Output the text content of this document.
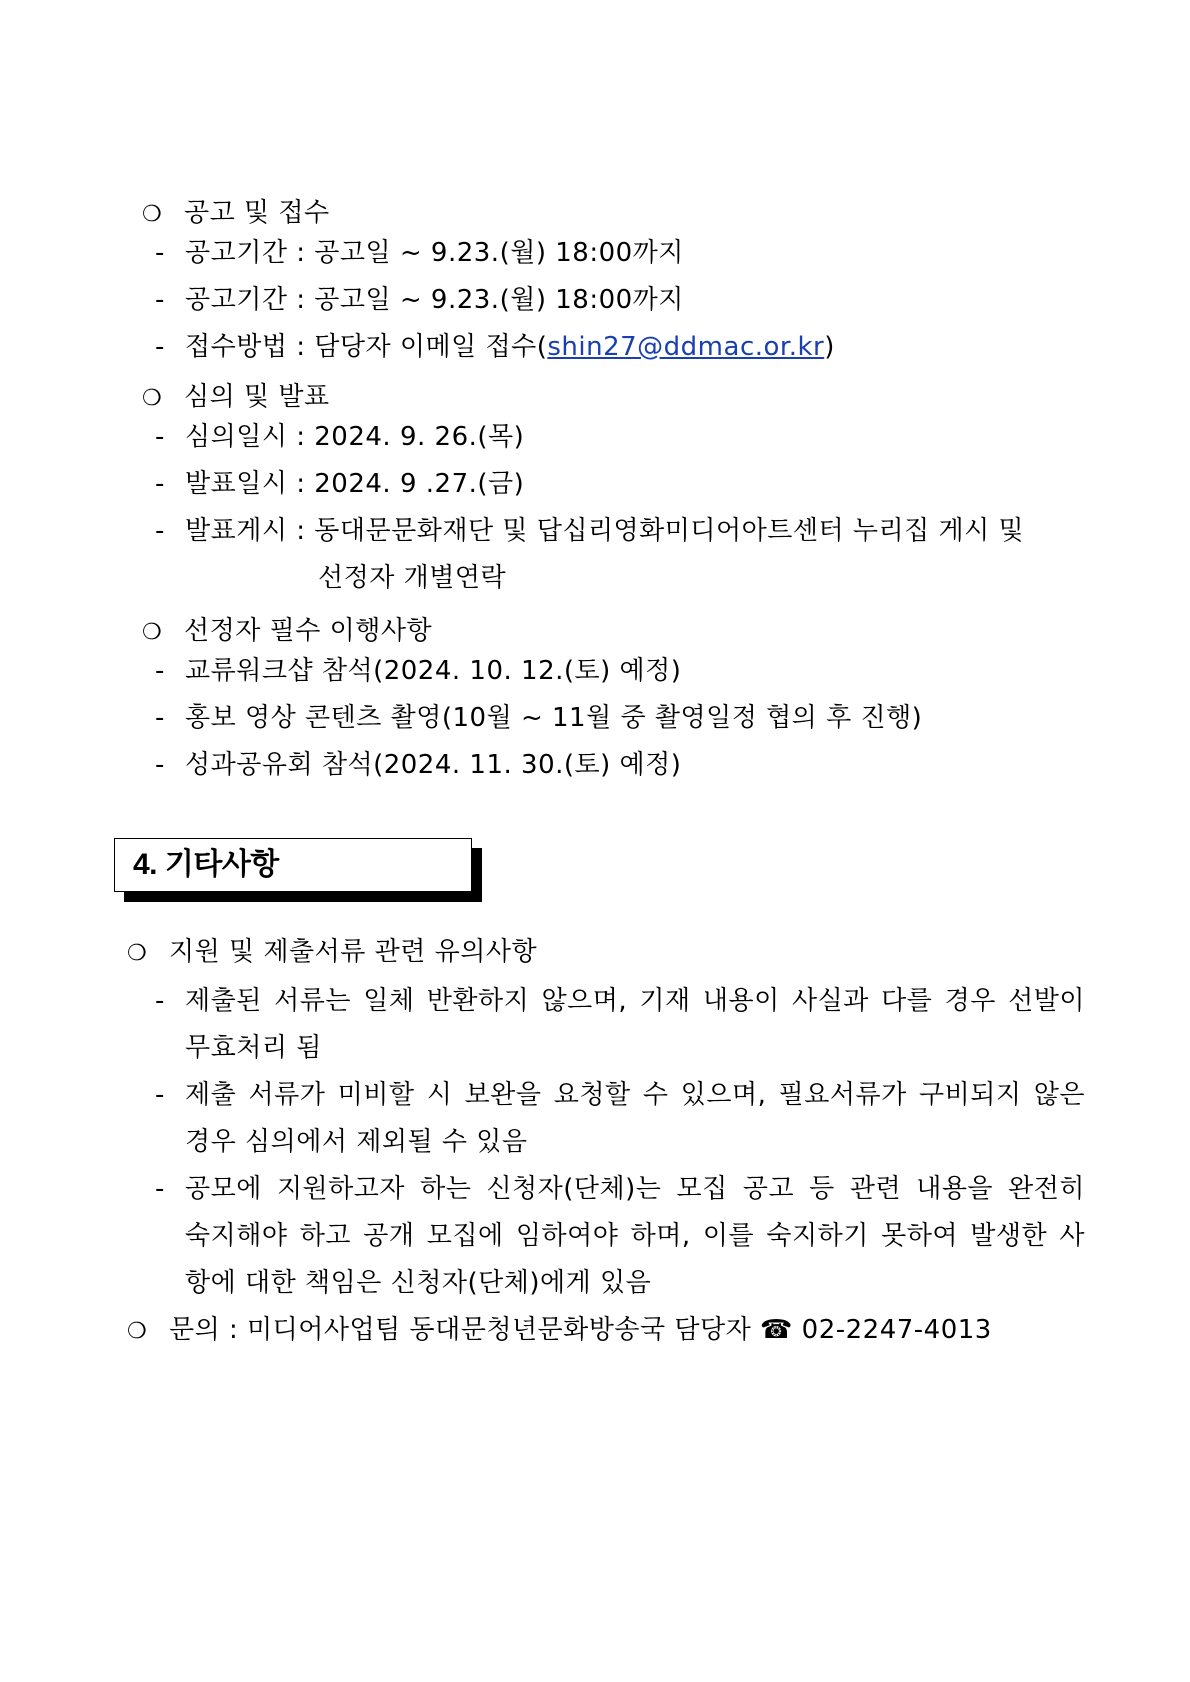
❍ 공고 및 접수
- 공고기간 : 공고일 ~ 9.23.(월) 18:00까지
- 공고기간 : 공고일 ~ 9.23.(월) 18:00까지
- 접수방법 : 담당자 이메일 접수(shin27@ddmac.or.kr)
❍ 심의 및 발표
- 심의일시 : 2024. 9. 26.(목)
- 발표일시 : 2024. 9 .27.(금)
- 발표게시 : 동대문문화재단 및 답십리영화미디어아트센터 누리집 게시 및
선정자 개별연락
❍ 선정자 필수 이행사항
- 교류워크샵 참석(2024. 10. 12.(토) 예정)
- 홍보 영상 콘텐츠 촬영(10월 ~ 11월 중 촬영일정 협의 후 진행)
- 성과공유회 참석(2024. 11. 30.(토) 예정)
4. 기타사항
❍ 지원 및 제출서류 관련 유의사항
- 제출된 서류는 일체 반환하지 않으며, 기재 내용이 사실과 다를 경우 선발이
무효처리 됨
- 제출 서류가 미비할 시 보완을 요청할 수 있으며, 필요서류가 구비되지 않은
경우 심의에서 제외될 수 있음
- 공모에 지원하고자 하는 신청자(단체)는 모집 공고 등 관련 내용을 완전히
숙지해야 하고 공개 모집에 임하여야 하며, 이를 숙지하기 못하여 발생한 사
항에 대한 책임은 신청자(단체)에게 있음
❍ 문의 : 미디어사업팀 동대문청년문화방송국 담당자 ☎ 02-2247-4013
